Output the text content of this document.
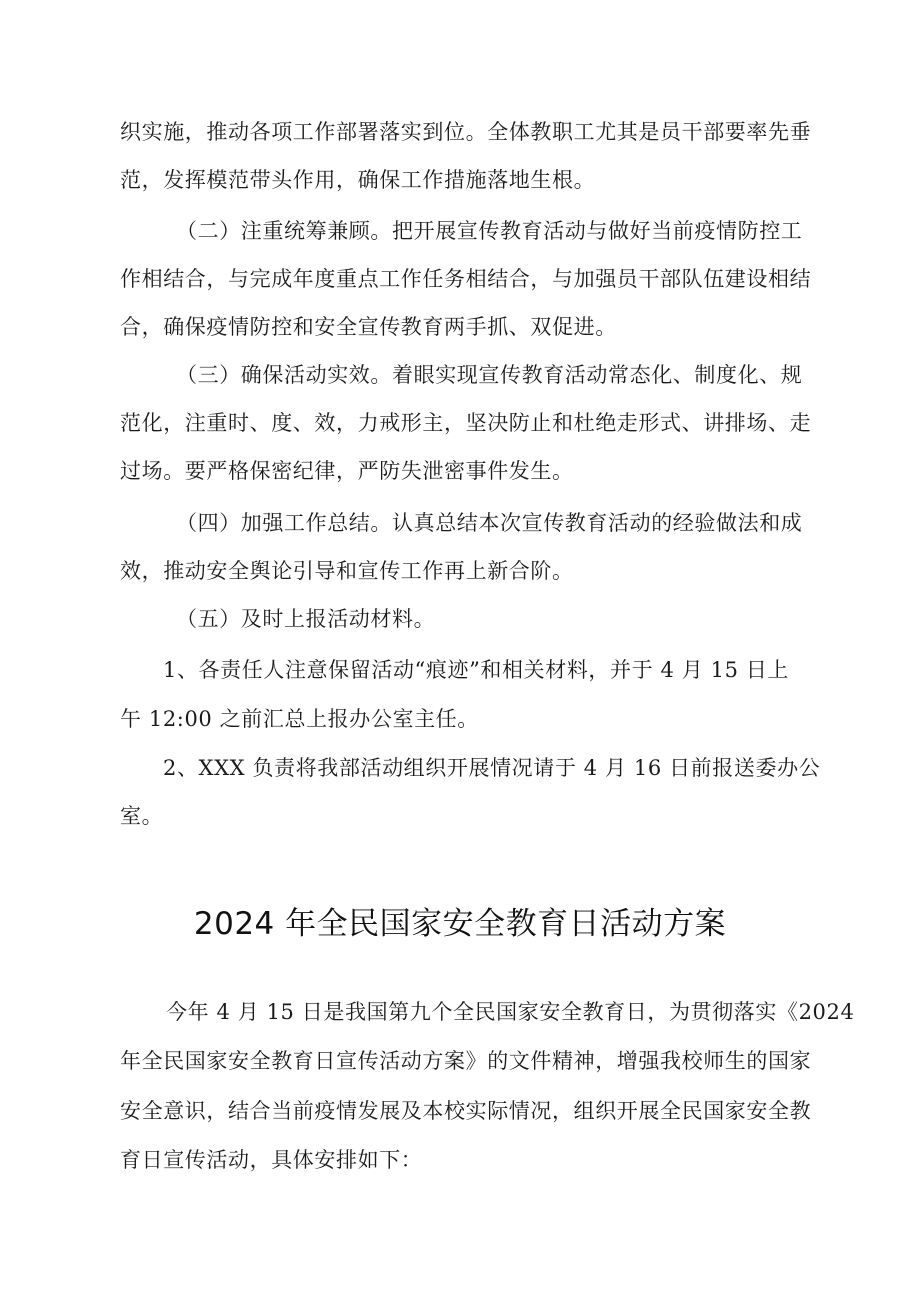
织实施，推动各项工作部署落实到位。全体教职工尤其是员干部要率先垂
范，发挥模范带头作用，确保工作措施落地生根。
（二）注重统筹兼顾。把开展宣传教育活动与做好当前疫情防控工
作相结合，与完成年度重点工作任务相结合，与加强员干部队伍建设相结
合，确保疫情防控和安全宣传教育两手抓、双促进。
（三）确保活动实效。着眼实现宣传教育活动常态化、制度化、规
范化，注重时、度、效，力戒形主，坚决防止和杜绝走形式、讲排场、走
过场。要严格保密纪律，严防失泄密事件发生。
（四）加强工作总结。认真总结本次宣传教育活动的经验做法和成
效，推动安全舆论引导和宣传工作再上新合阶。
（五）及时上报活动材料。
1、各责任人注意保留活动“痕迹”和相关材料，并于 4 月 15 日上
午 12:00 之前汇总上报办公室主任。
2、XXX 负责将我部活动组织开展情况请于 4 月 16 日前报送委办公
室。
2024 年全民国家安全教育日活动方案
今年 4 月 15 日是我国第九个全民国家安全教育日，为贯彻落实《2024
年全民国家安全教育日宣传活动方案》的文件精神，增强我校师生的国家
安全意识，结合当前疫情发展及本校实际情况，组织开展全民国家安全教
育日宣传活动，具体安排如下：
